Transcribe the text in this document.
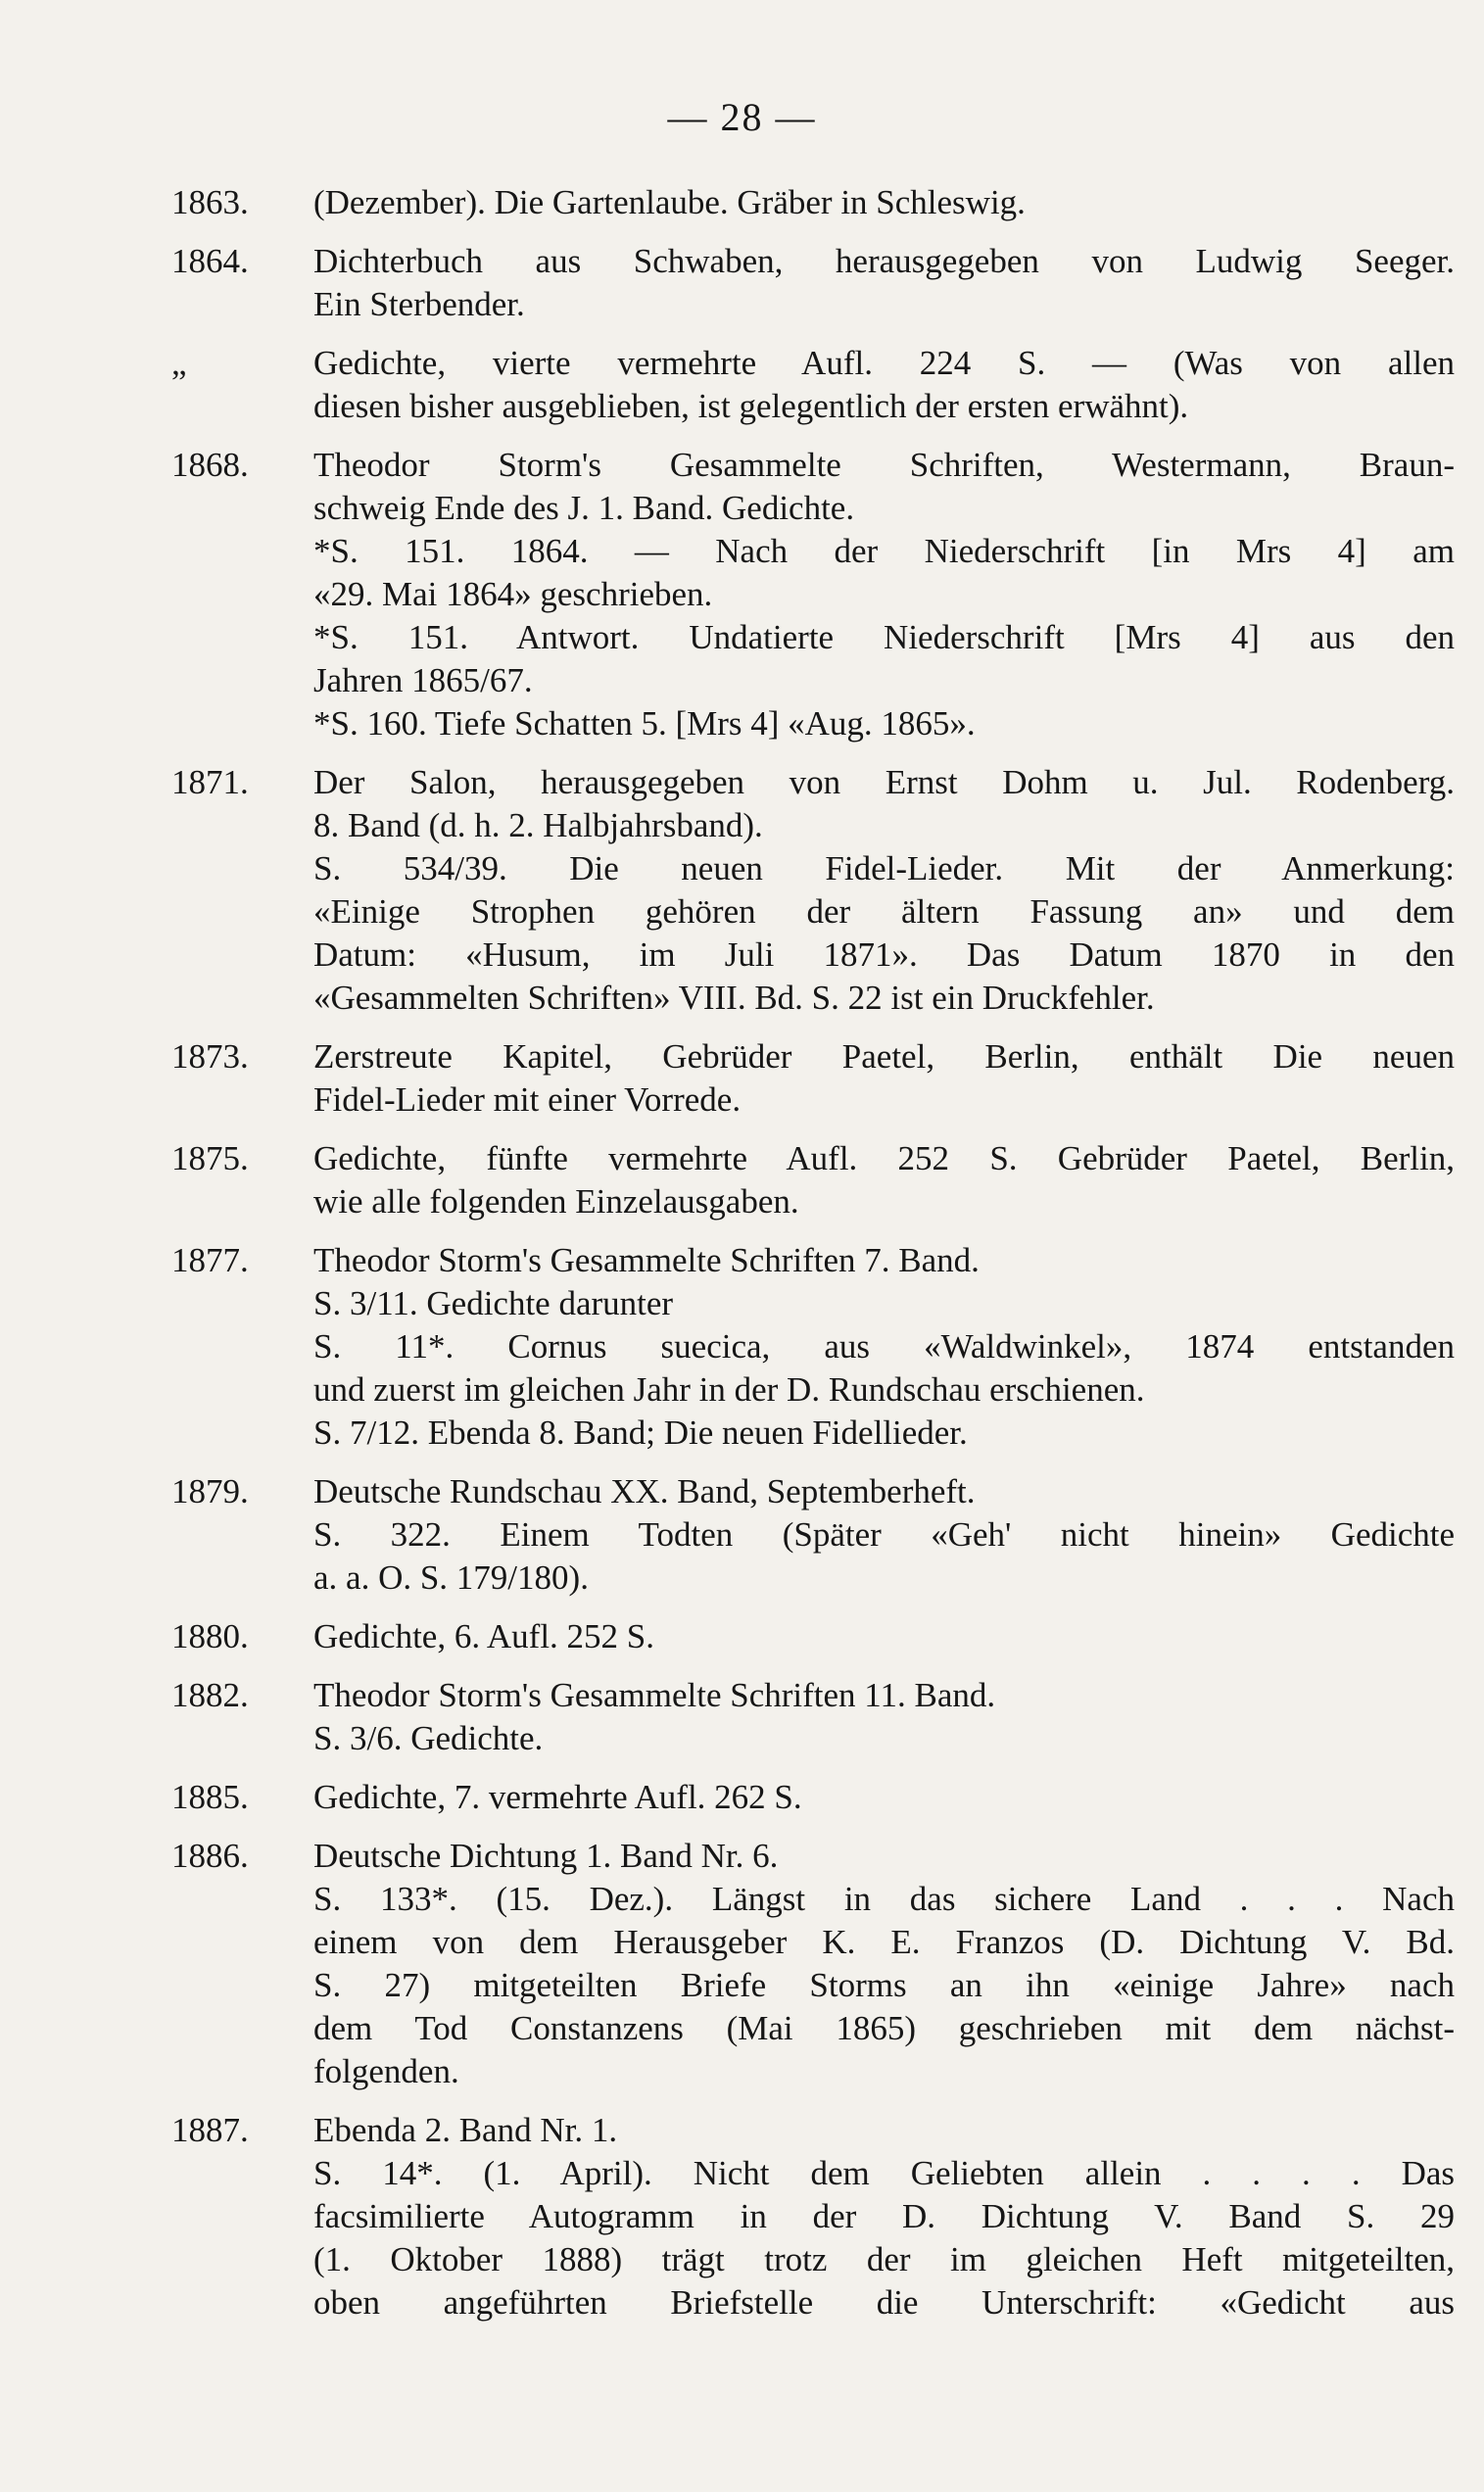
— 28 —
1863.	(Dezember). Die Gartenlaube. Gräber in Schleswig.
1864.	Dichterbuch aus Schwaben, herausgegeben von Ludwig Seeger.
Ein Sterbender.
„	Gedichte, vierte vermehrte Aufl. 224 S. — (Was von allen
diesen bisher ausgeblieben, ist gelegentlich der ersten erwähnt).
1868.	Theodor Storm's Gesammelte Schriften, Westermann, Braun-
schweig Ende des J. 1. Band. Gedichte.
*S. 151. 1864. — Nach der Niederschrift [in Mrs 4] am
«29. Mai 1864» geschrieben.
*S. 151. Antwort. Undatierte Niederschrift [Mrs 4] aus den
Jahren 1865/67.
*S. 160. Tiefe Schatten 5. [Mrs 4] «Aug. 1865».
1871.	Der Salon, herausgegeben von Ernst Dohm u. Jul. Rodenberg.
8. Band (d. h. 2. Halbjahrsband).
S. 534/39. Die neuen Fidel-Lieder. Mit der Anmerkung:
«Einige Strophen gehören der ältern Fassung an» und dem
Datum: «Husum, im Juli 1871». Das Datum 1870 in den
«Gesammelten Schriften» VIII. Bd. S. 22 ist ein Druckfehler.
1873.	Zerstreute Kapitel, Gebrüder Paetel, Berlin, enthält Die neuen
Fidel-Lieder mit einer Vorrede.
1875.	Gedichte, fünfte vermehrte Aufl. 252 S. Gebrüder Paetel, Berlin,
wie alle folgenden Einzelausgaben.
1877.	Theodor Storm's Gesammelte Schriften 7. Band.
S. 3/11. Gedichte darunter
S. 11*. Cornus suecica, aus «Waldwinkel», 1874 entstanden
und zuerst im gleichen Jahr in der D. Rundschau erschienen.
S. 7/12. Ebenda 8. Band; Die neuen Fidellieder.
1879.	Deutsche Rundschau XX. Band, Septemberheft.
S. 322. Einem Todten (Später «Geh' nicht hinein» Gedichte
a. a. O. S. 179/180).
1880.	Gedichte, 6. Aufl. 252 S.
1882.	Theodor Storm's Gesammelte Schriften 11. Band.
S. 3/6. Gedichte.
1885.	Gedichte, 7. vermehrte Aufl. 262 S.
1886.	Deutsche Dichtung 1. Band Nr. 6.
S. 133*. (15. Dez.). Längst in das sichere Land . . . Nach
einem von dem Herausgeber K. E. Franzos (D. Dichtung V. Bd.
S. 27) mitgeteilten Briefe Storms an ihn «einige Jahre» nach
dem Tod Constanzens (Mai 1865) geschrieben mit dem nächst-
folgenden.
1887.	Ebenda 2. Band Nr. 1.
S. 14*. (1. April). Nicht dem Geliebten allein . . . . Das
facsimilierte Autogramm in der D. Dichtung V. Band S. 29
(1. Oktober 1888) trägt trotz der im gleichen Heft mitgeteilten,
oben angeführten Briefstelle die Unterschrift: «Gedicht aus
